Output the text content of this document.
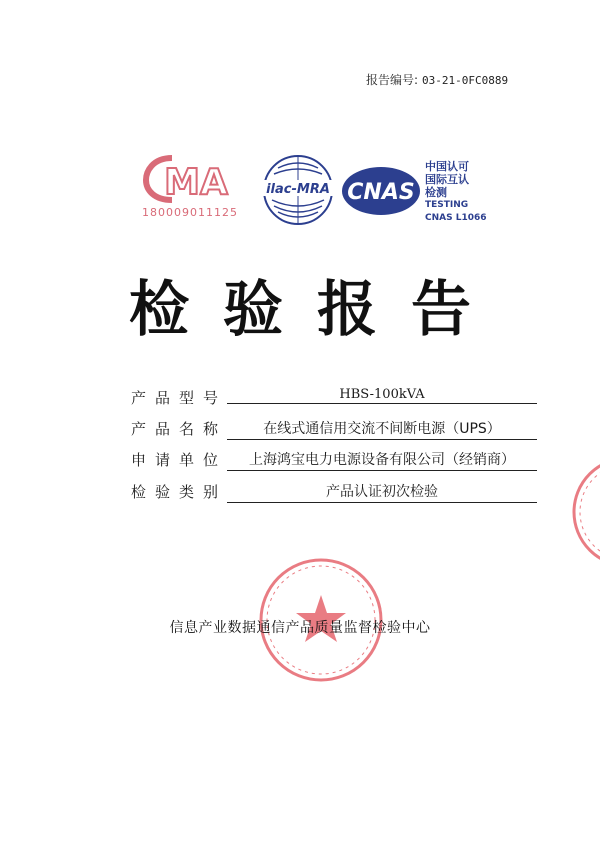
报告编号: 03-21-0FC0889
MA
180009011125
ilac-MRA CNAS
中国认可
国际互认
检测
TESTING
CNAS L1066
检验报告
产品型号	HBS-100kVA
产品名称	在线式通信用交流不间断电源（UPS）
申请单位	上海鸿宝电力电源设备有限公司（经销商）
检验类别	产品认证初次检验
信息产业数据通信产品质量监督检验中心
